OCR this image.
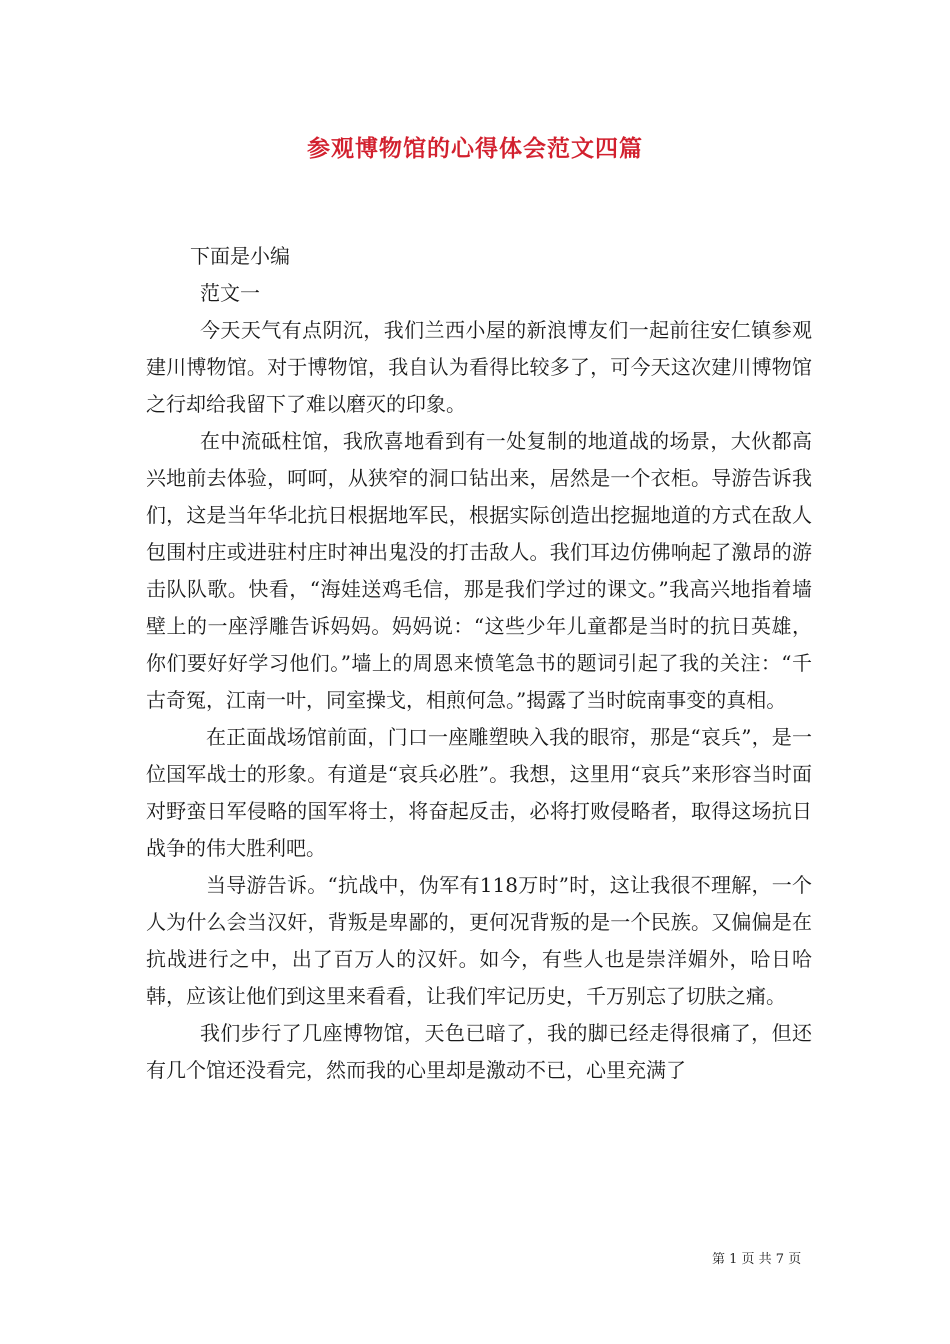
参观博物馆的心得体会范文四篇

下面是小编

范文一

今天天气有点阴沉，我们兰西小屋的新浪博友们一起前往安仁镇参观建川博物馆。对于博物馆，我自认为看得比较多了，可今天这次建川博物馆之行却给我留下了难以磨灭的印象。

在中流砥柱馆，我欣喜地看到有一处复制的地道战的场景，大伙都高兴地前去体验，呵呵，从狭窄的洞口钻出来，居然是一个衣柜。导游告诉我们，这是当年华北抗日根据地军民，根据实际创造出挖掘地道的方式在敌人包围村庄或进驻村庄时神出鬼没的打击敌人。我们耳边仿佛响起了激昂的游击队队歌。快看，“海娃送鸡毛信，那是我们学过的课文。”我高兴地指着墙壁上的一座浮雕告诉妈妈。妈妈说：“这些少年儿童都是当时的抗日英雄，你们要好好学习他们。”墙上的周恩来愤笔急书的题词引起了我的关注：“千古奇冤，江南一叶，同室操戈，相煎何急。”揭露了当时皖南事变的真相。

在正面战场馆前面，门口一座雕塑映入我的眼帘，那是“哀兵”，是一位国军战士的形象。有道是“哀兵必胜”。我想，这里用“哀兵”来形容当时面对野蛮日军侵略的国军将士，将奋起反击，必将打败侵略者，取得这场抗日战争的伟大胜利吧。

当导游告诉。“抗战中，伪军有118万时”时，这让我很不理解，一个人为什么会当汉奸，背叛是卑鄙的，更何况背叛的是一个民族。又偏偏是在抗战进行之中，出了百万人的汉奸。如今，有些人也是崇洋媚外，哈日哈韩，应该让他们到这里来看看，让我们牢记历史，千万别忘了切肤之痛。

我们步行了几座博物馆，天色已暗了，我的脚已经走得很痛了，但还有几个馆还没看完，然而我的心里却是激动不已，心里充满了

第 1 页 共 7 页
